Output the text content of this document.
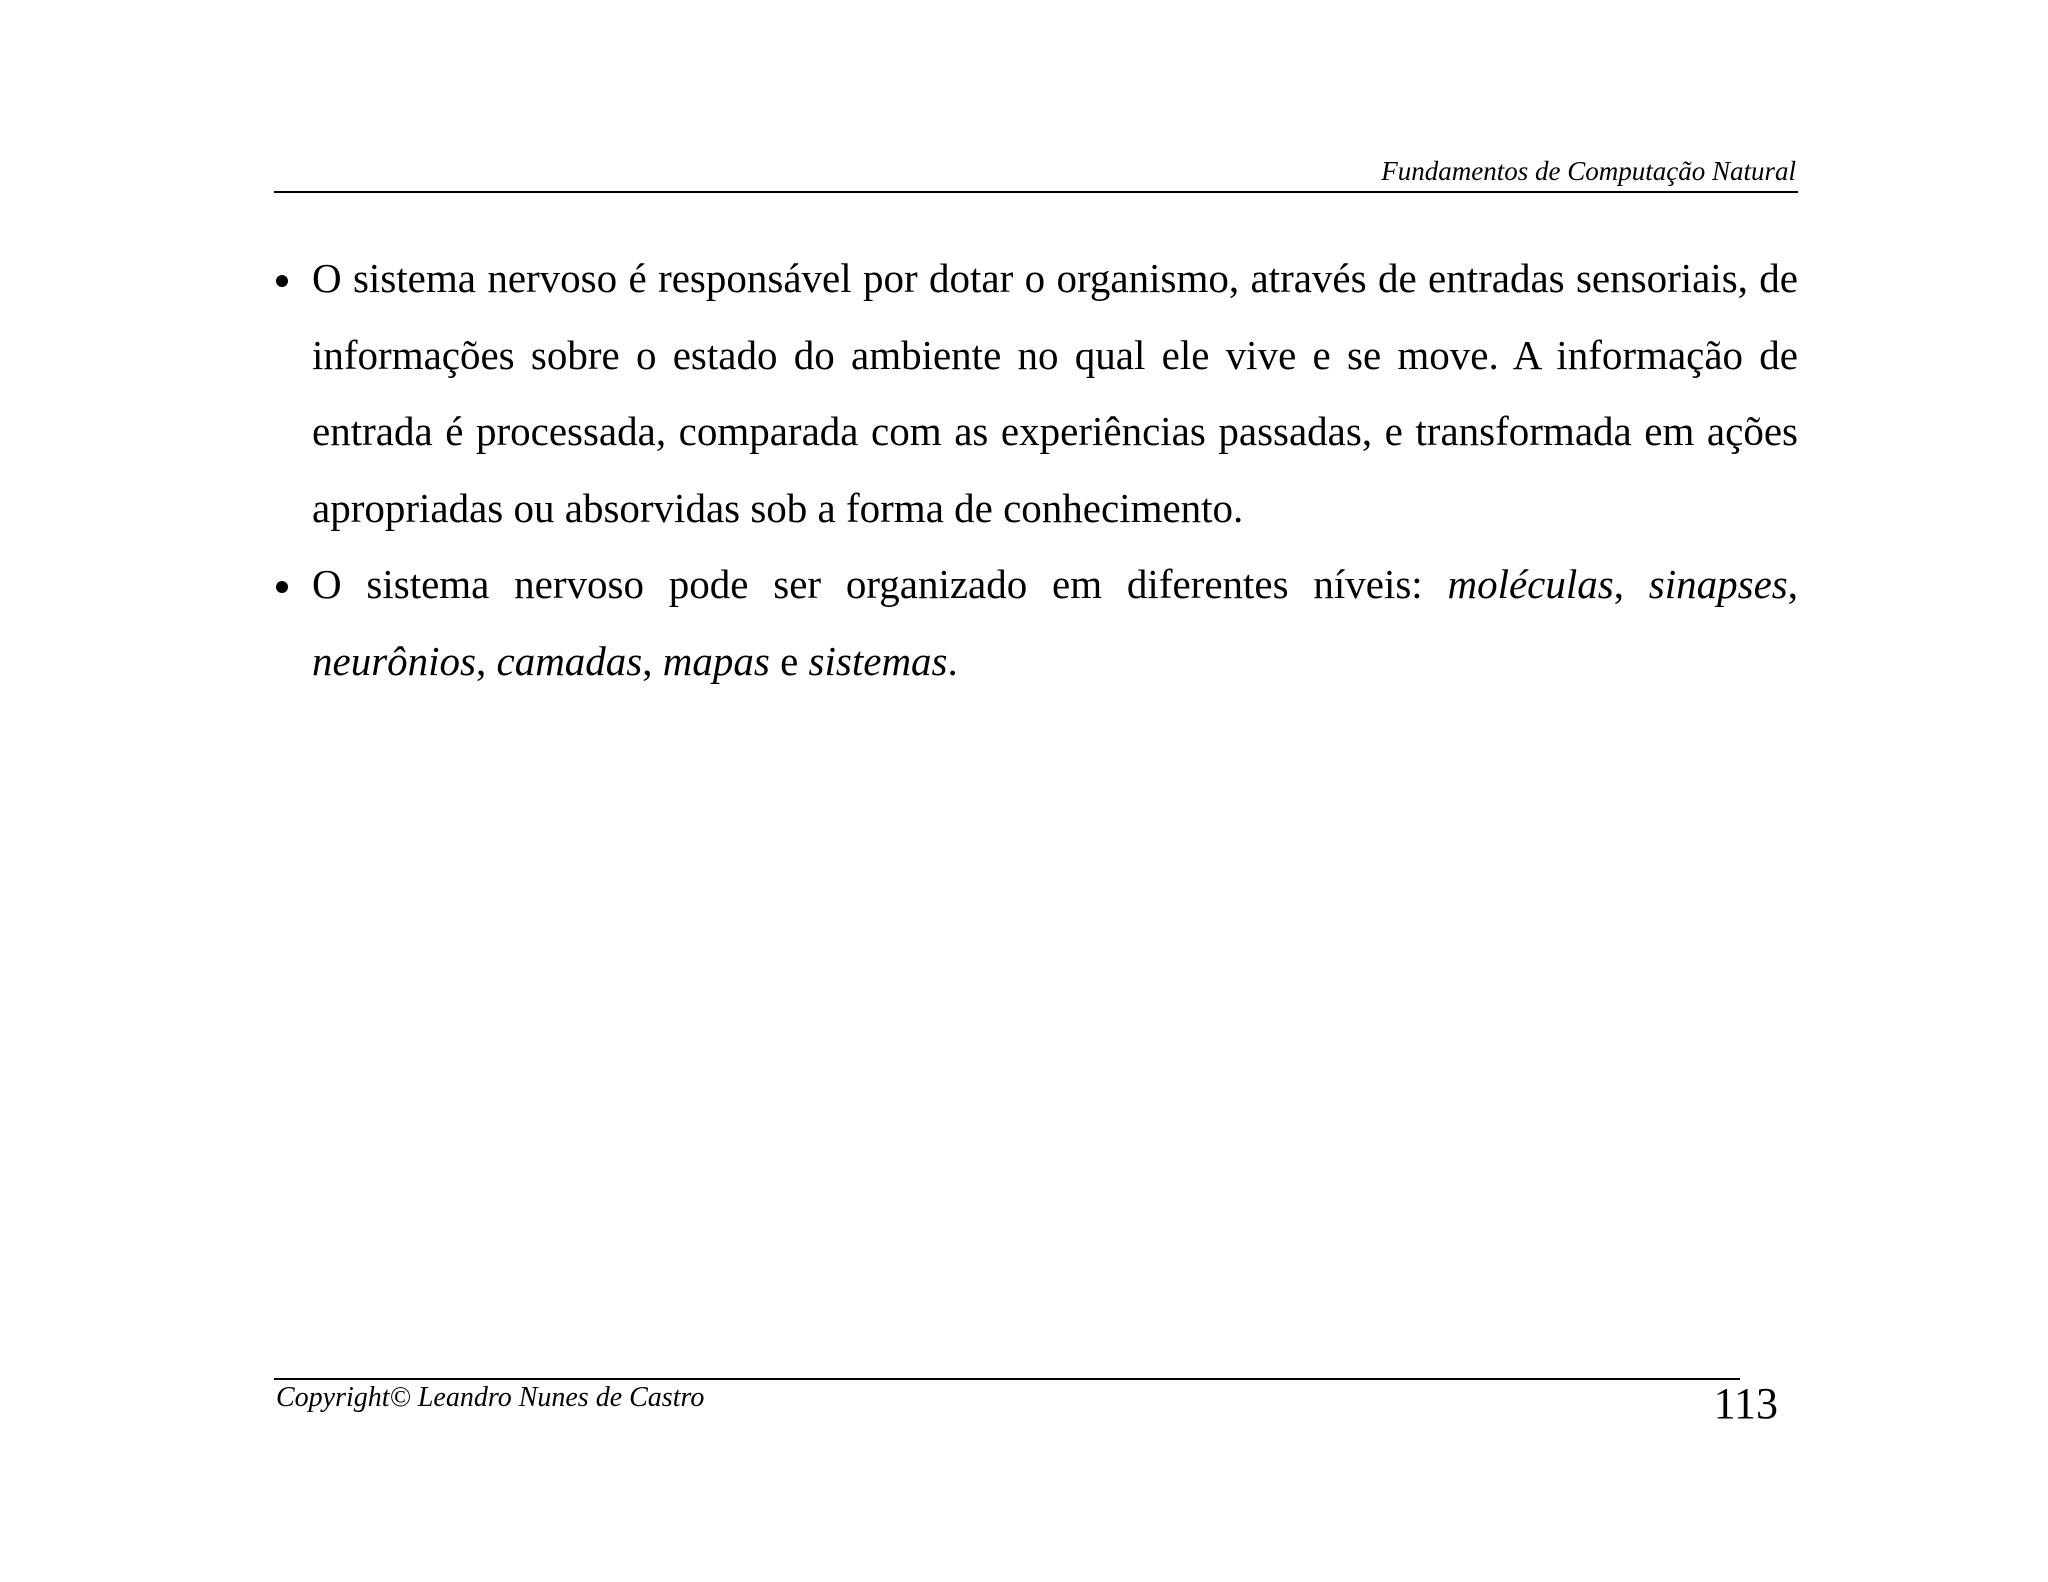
Fundamentos de Computação Natural
O sistema nervoso é responsável por dotar o organismo, através de entradas sensoriais, de informações sobre o estado do ambiente no qual ele vive e se move. A informação de entrada é processada, comparada com as experiências passadas, e transformada em ações apropriadas ou absorvidas sob a forma de conhecimento.
O sistema nervoso pode ser organizado em diferentes níveis: moléculas, sinapses, neurônios, camadas, mapas e sistemas.
Copyright© Leandro Nunes de Castro	113
